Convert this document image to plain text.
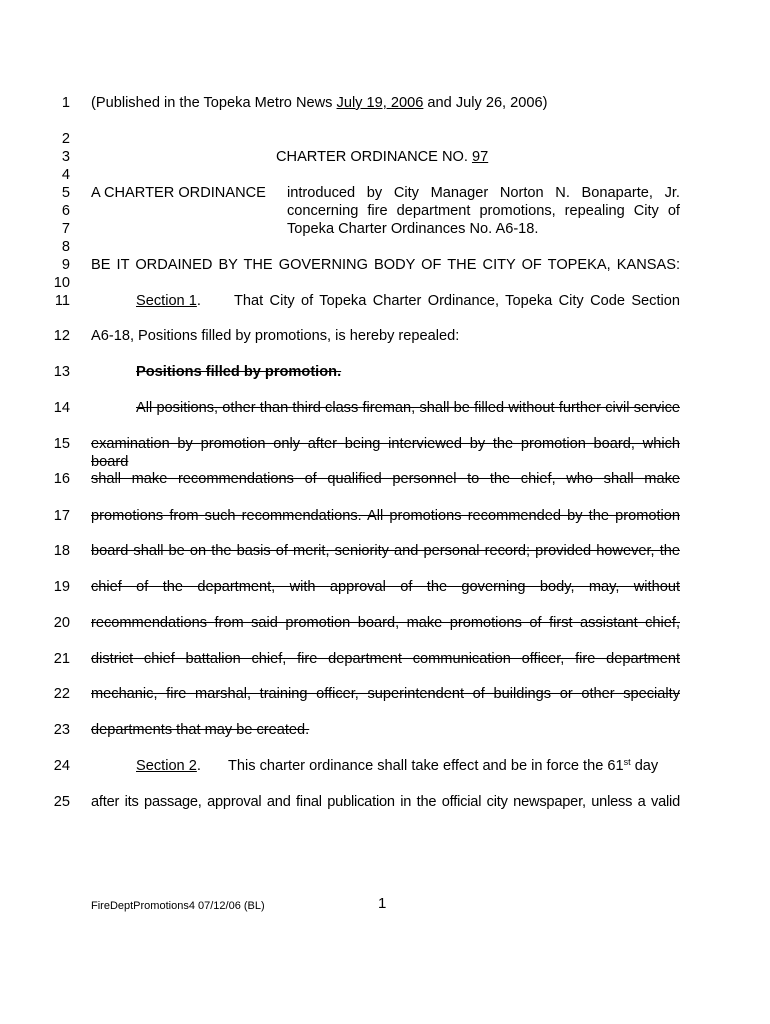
1
2
3
4
5
6
7
8
9
10
11
12
13
14
15
16
17
18
19
20
21
22
23
24
25
(Published in the Topeka Metro News July 19, 2006 and July 26, 2006)
CHARTER ORDINANCE NO. 97
A CHARTER ORDINANCE introduced by City Manager Norton N. Bonaparte, Jr.
concerning fire department promotions, repealing City of
Topeka Charter Ordinances No. A6-18.
BE IT ORDAINED BY THE GOVERNING BODY OF THE CITY OF TOPEKA, KANSAS:
Section 1. That City of Topeka Charter Ordinance, Topeka City Code Section
A6-18, Positions filled by promotions, is hereby repealed:
Positions filled by promotion.
All positions, other than third class fireman, shall be filled without further civil service
examination by promotion only after being interviewed by the promotion board, which board
shall make recommendations of qualified personnel to the chief, who shall make
promotions from such recommendations. All promotions recommended by the promotion
board shall be on the basis of merit, seniority and personal record; provided however, the
chief of the department, with approval of the governing body, may, without
recommendations from said promotion board, make promotions of first assistant chief,
district chief battalion chief, fire department communication officer, fire department
mechanic, fire marshal, training officer, superintendent of buildings or other specialty
departments that may be created.
Section 2. This charter ordinance shall take effect and be in force the 61st day
after its passage, approval and final publication in the official city newspaper, unless a valid
FireDeptPromotions4 07/12/06 (BL)	1
